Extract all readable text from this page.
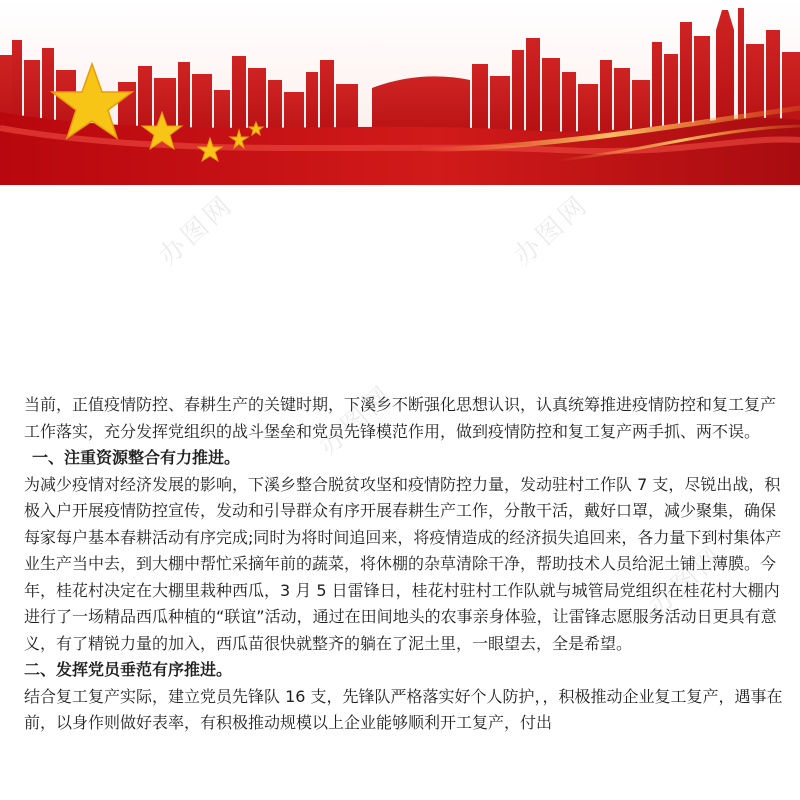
办图网	办图网
办图网
办图网

当前，正值疫情防控、春耕生产的关键时期，下溪乡不断强化思想认识，认真统筹推进疫情防控和复工复产工作落实，充分发挥党组织的战斗堡垒和党员先锋模范作用，做到疫情防控和复工复产两手抓、两不误。

一、注重资源整合有力推进。

为减少疫情对经济发展的影响，下溪乡整合脱贫攻坚和疫情防控力量，发动驻村工作队 7 支，尽锐出战，积极入户开展疫情防控宣传，发动和引导群众有序开展春耕生产工作，分散干活，戴好口罩，减少聚集，确保每家每户基本春耕活动有序完成;同时为将时间追回来，将疫情造成的经济损失追回来，各力量下到村集体产业生产当中去，到大棚中帮忙采摘年前的蔬菜，将休棚的杂草清除干净，帮助技术人员给泥土铺上薄膜。今年，桂花村决定在大棚里栽种西瓜，3 月 5 日雷锋日，桂花村驻村工作队就与城管局党组织在桂花村大棚内进行了一场精品西瓜种植的“联谊”活动，通过在田间地头的农事亲身体验，让雷锋志愿服务活动日更具有意义，有了精锐力量的加入，西瓜苗很快就整齐的躺在了泥土里，一眼望去，全是希望。

二、发挥党员垂范有序推进。

结合复工复产实际，建立党员先锋队 16 支，先锋队严格落实好个人防护，，积极推动企业复工复产，遇事在前，以身作则做好表率，有积极推动规模以上企业能够顺利开工复产，付出
